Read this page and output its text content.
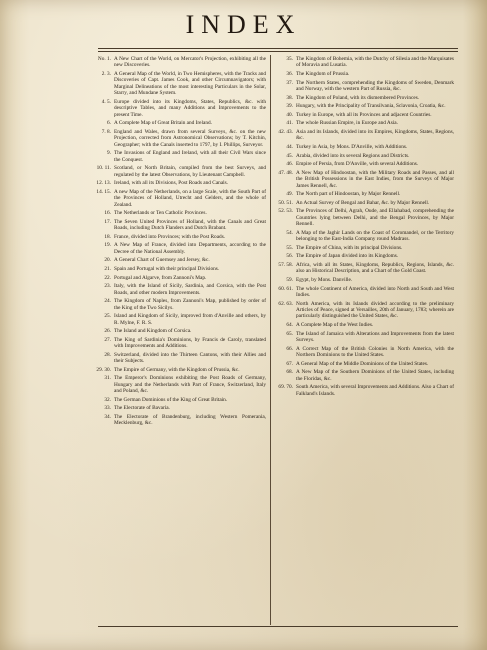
INDEX
No. 1. A New Chart of the World, on Mercator's Projection, exhibiting all the new Discoveries.
2. 3. A General Map of the World, in Two Hemispheres, with the Tracks and Discoveries of Capt. James Cook, and other Circumnavigators; with Marginal Delineations of the most interesting Particulars in the Solar, Starry, and Mundane System.
4. 5. Europe divided into its Kingdoms, States, Republics, &c. with descriptive Tables, and many Additions and Improvements to the present Time.
6. A Complete Map of Great Britain and Ireland.
7. 8. England and Wales, drawn from several Surveys, &c. on the new Projection, corrected from Astronomical Observations; by T. Kitchin, Geographer; with the Canals inserted to 1797, by I. Phillips, Surveyor.
9. The Invasions of England and Ireland, with all their Civil Wars since the Conquest.
10. 11. Scotland, or North Britain, compiled from the best Surveys, and regulated by the latest Observations, by Lieutenant Campbell.
12. 13. Ireland, with all its Divisions, Post Roads and Canals.
14. 15. A new Map of the Netherlands, on a large Scale, with the South Part of the Provinces of Holland, Utrecht and Gelders, and the whole of Zealand.
16. The Netherlands or Ten Catholic Provinces.
17. The Seven United Provinces of Holland, with the Canals and Great Roads, including Dutch Flanders and Dutch Brabant.
18. France, divided into Provinces; with the Post Roads.
19. A New Map of France, divided into Departments, according to the Decree of the National Assembly.
20. A General Chart of Guernsey and Jersey, &c.
21. Spain and Portugal with their principal Divisions.
22. Portugal and Algarve, from Zannoni's Map.
23. Italy, with the Island of Sicily, Sardinia, and Corsica, with the Post Roads, and other modern Improvements.
24. The Kingdom of Naples, from Zannoni's Map, published by order of the King of the Two Sicilys.
25. Island and Kingdom of Sicily, improved from d'Anville and others, by R. Mylne, F. R. S.
26. The Island and Kingdom of Corsica.
27. The King of Sardinia's Dominions, by Francis de Caroly, translated with Improvements and Additions.
28. Switzerland, divided into the Thirteen Cantons, with their Allies and their Subjects.
29. 30. The Empire of Germany, with the Kingdom of Prussia, &c.
31. The Emperor's Dominions exhibiting the Post Roads of Germany, Hungary and the Netherlands with Part of France, Switzerland, Italy and Poland, &c.
32. The German Dominions of the King of Great Britain.
33. The Electorate of Bavaria.
34. The Electorate of Brandenburg, including Western Pomerania, Mecklenburg, &c.
35. The Kingdom of Bohemia, with the Dutchy of Silesia and the Marquisates of Moravia and Lusatia.
36. The Kingdom of Prussia.
37. The Northern States, comprehending the Kingdoms of Sweden, Denmark and Norway, with the western Part of Russia, &c.
38. The Kingdom of Poland, with its dismembered Provinces.
39. Hungary, with the Principality of Transilvania, Sclavonia, Croatia, &c.
40. Turkey in Europe, with all its Provinces and adjacent Countries.
41. The whole Russian Empire, in Europe and Asia.
42. 43. Asia and its Islands, divided into its Empires, Kingdoms, States, Regions, &c.
44. Turkey in Asia, by Mons. D'Anville, with Additions.
45. Arabia, divided into its several Regions and Districts.
46. Empire of Persia, from D'Anville, with several Additions.
47. 48. A New Map of Hindoostan, with the Military Roads and Passes, and all the British Possessions in the East Indies, from the Surveys of Major James Rennell, &c.
49. The North part of Hindoostan, by Major Rennell.
50. 51. An Actual Survey of Bengal and Bahar, &c. by Major Rennell.
52. 53. The Provinces of Delhi, Agrah, Oude, and Ellahabad, comprehending the Countries lying between Delhi, and the Bengal Provinces, by Major Rennell.
54. A Map of the Jaghir Lands on the Coast of Coromandel, or the Territory belonging to the East-India Company round Madrass.
55. The Empire of China, with its principal Divisions.
56. The Empire of Japan divided into its Kingdoms.
57. 58. Africa, with all its States, Kingdoms, Republics, Regions, Islands, &c. also an Historical Description, and a Chart of the Gold Coast.
59. Egypt, by Mons. Danville.
60. 61. The whole Continent of America, divided into North and South and West Indies.
62. 63. North America, with its Islands divided according to the preliminary Articles of Peace, signed at Versailles, 20th of January, 1783; wherein are particularly distinguished the United States, &c.
64. A Complete Map of the West Indies.
65. The Island of Jamaica with Alterations and Improvements from the latest Surveys.
66. A Correct Map of the British Colonies in North America, with the Northern Dominions to the United States.
67. A General Map of the Middle Dominions of the United States.
68. A New Map of the Southern Dominions of the United States, including the Floridas, &c.
69. 70. South America, with several Improvements and Additions. Also a Chart of Falkland's Islands.
